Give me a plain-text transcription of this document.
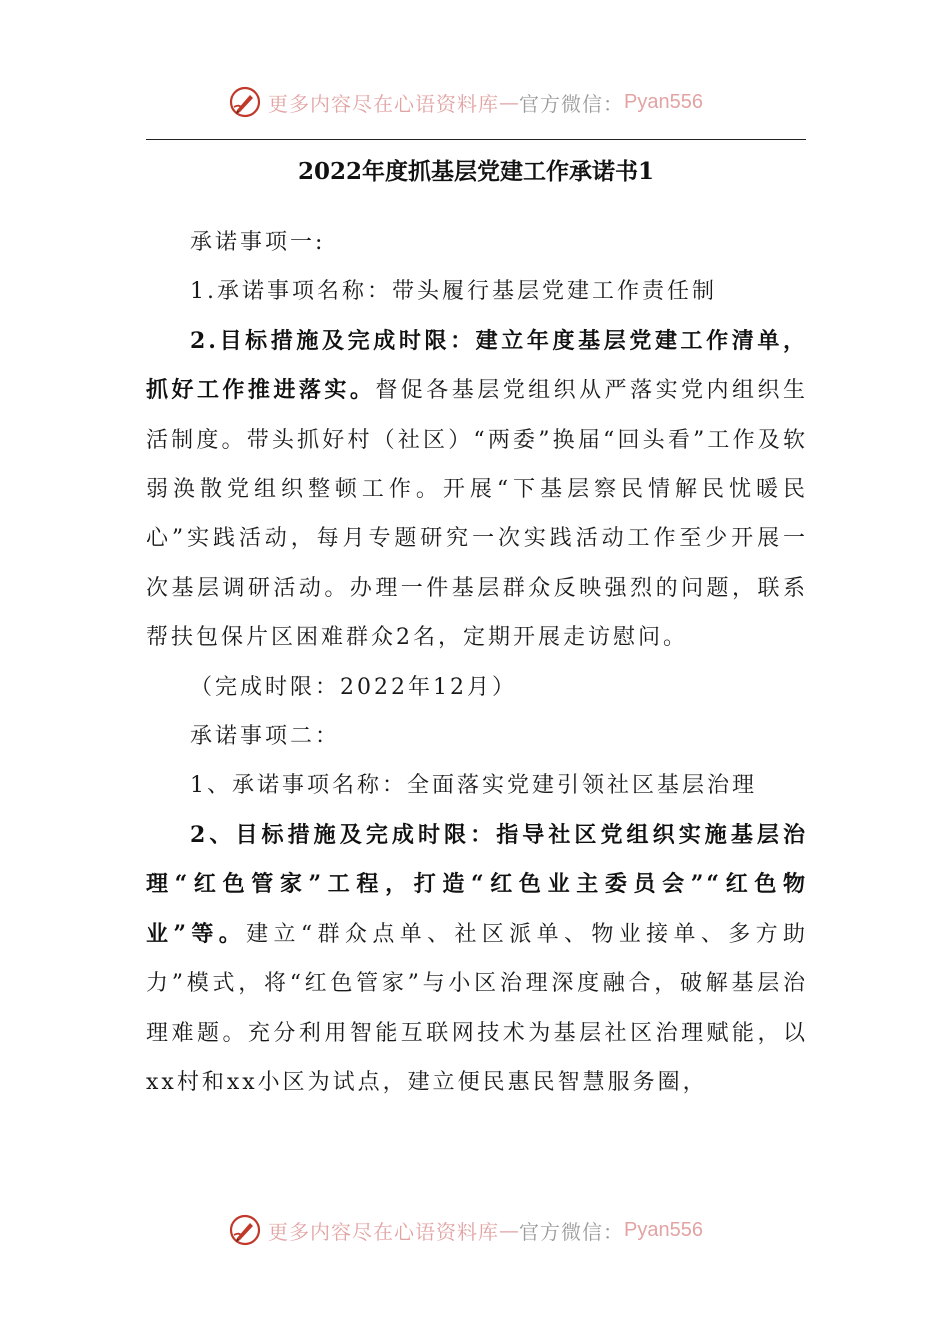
更多内容尽在心语资料库 — 官方微信： Pyan556
2022年度抓基层党建工作承诺书1

承诺事项一:

1.承诺事项名称：带头履行基层党建工作责任制

2.目标措施及完成时限：建立年度基层党建工作清单，抓好工作推进落实。督促各基层党组织从严落实党内组织生活制度。带头抓好村（社区）“两委”换届“回头看”工作及软弱涣散党组织整顿工作。开展“下基层察民情解民忧暖民心”实践活动，每月专题研究一次实践活动工作至少开展一次基层调研活动。办理一件基层群众反映强烈的问题，联系帮扶包保片区困难群众2名，定期开展走访慰问。

（完成时限：2022年12月）

承诺事项二：

1、承诺事项名称：全面落实党建引领社区基层治理

2、目标措施及完成时限：指导社区党组织实施基层治理“红色管家”工程，打造“红色业主委员会”“红色物业”等。建立“群众点单、社区派单、物业接单、多方助力”模式，将“红色管家”与小区治理深度融合，破解基层治理难题。充分利用智能互联网技术为基层社区治理赋能，以xx村和xx小区为试点，建立便民惠民智慧服务圈，

更多内容尽在心语资料库 — 官方微信： Pyan556
